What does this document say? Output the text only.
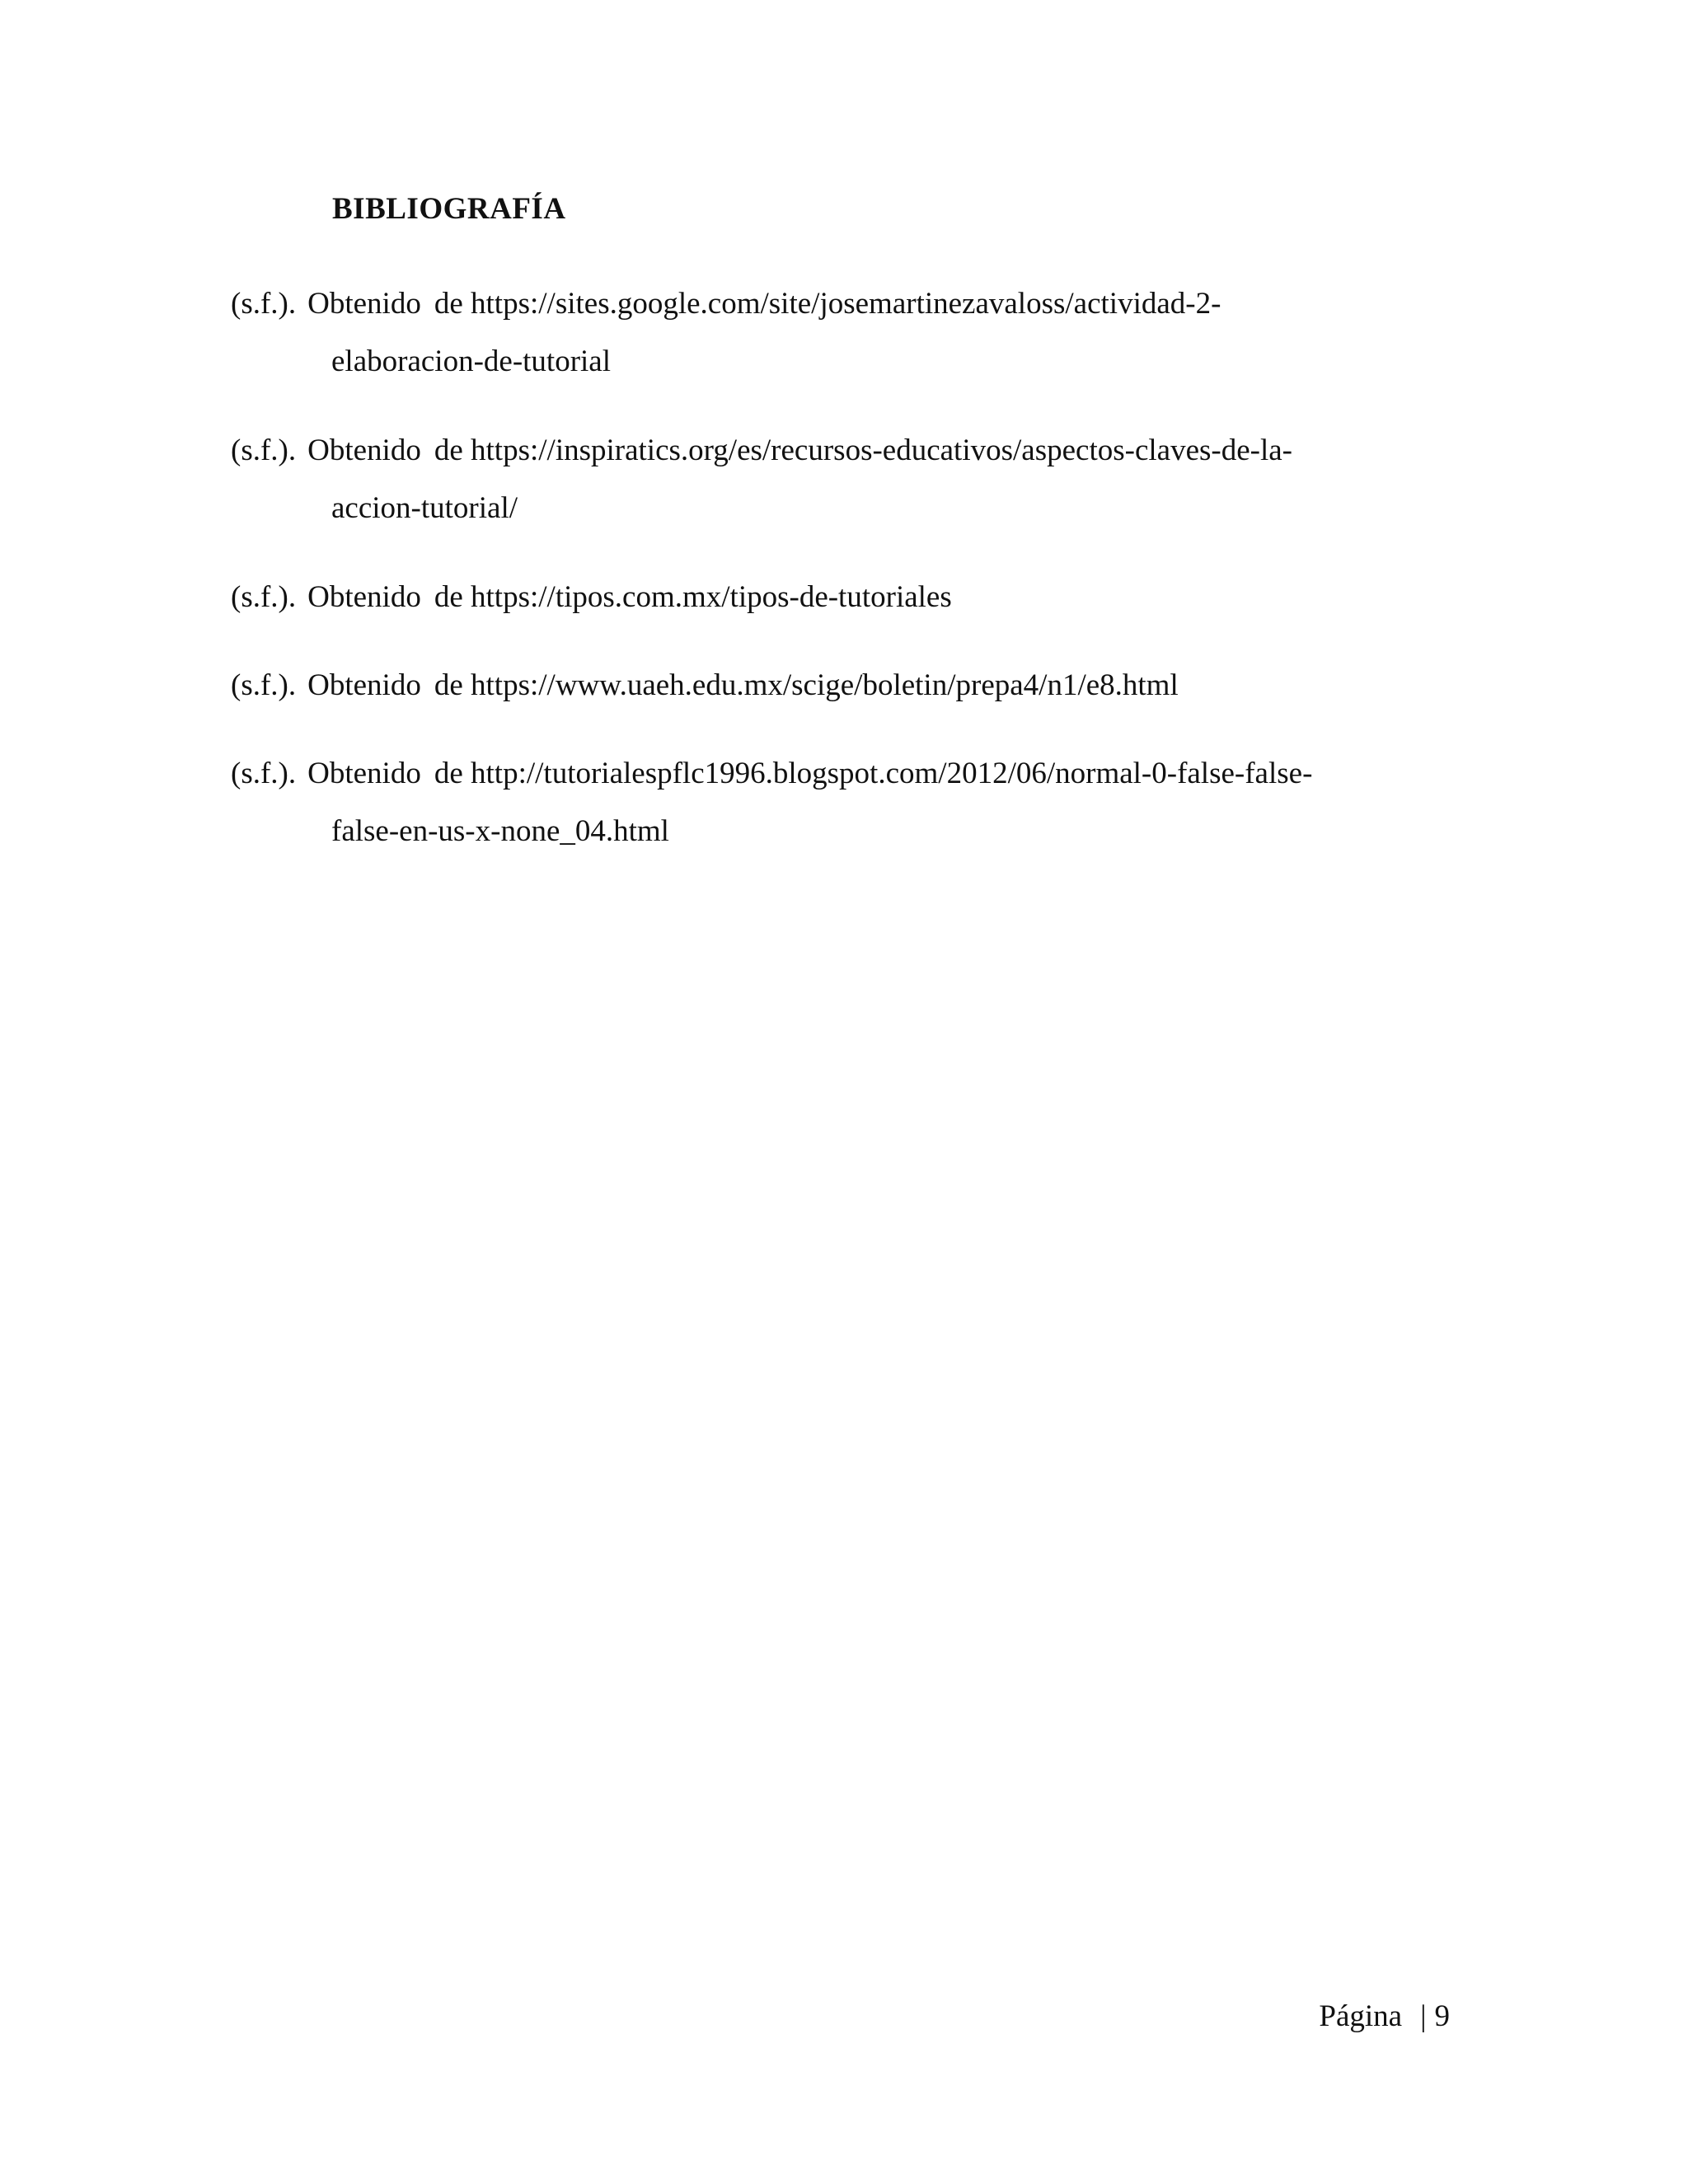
BIBLIOGRAFÍA
(s.f.). Obtenido de https://sites.google.com/site/josemartinezavaloss/actividad-2-
elaboracion-de-tutorial
(s.f.). Obtenido de https://inspiratics.org/es/recursos-educativos/aspectos-claves-de-la-
accion-tutorial/
(s.f.). Obtenido de https://tipos.com.mx/tipos-de-tutoriales
(s.f.). Obtenido de https://www.uaeh.edu.mx/scige/boletin/prepa4/n1/e8.html
(s.f.). Obtenido de http://tutorialespflc1996.blogspot.com/2012/06/normal-0-false-false-
false-en-us-x-none_04.html
Página | 9
